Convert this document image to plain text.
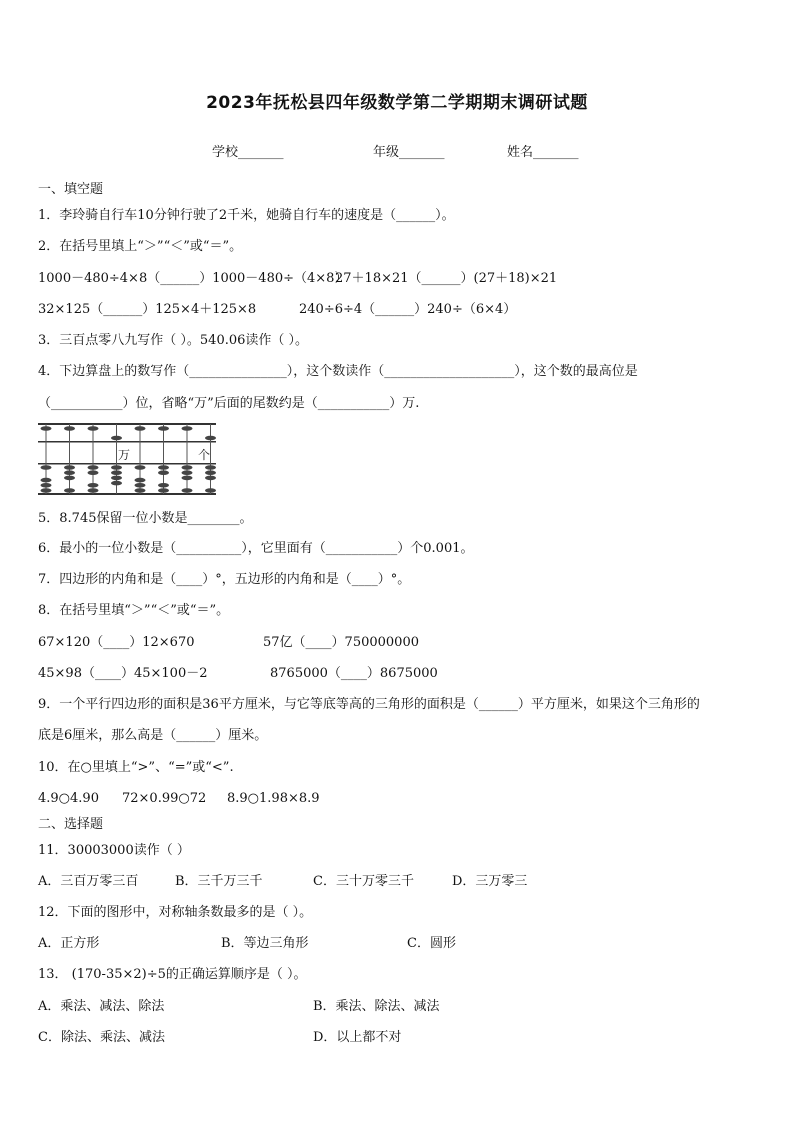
2023年抚松县四年级数学第二学期期末调研试题
学校_______	年级_______	姓名_______
一、填空题
1．李玲骑自行车10分钟行驶了2千米，她骑自行车的速度是（______）。
2．在括号里填上“＞”“＜”或“＝”。
1000－480÷4×8（______）1000－480÷（4×8）
27＋18×21（______）(27＋18)×21
32×125（______）125×4＋125×8	240÷6÷4（______）240÷（6×4）
3．三百点零八九写作（ ）。540.06读作（ ）。
4．下边算盘上的数写作（_______________），这个数读作（____________________），这个数的最高位是
（___________）位，省略“万”后面的尾数约是（___________）万.
万	个
5．8.745保留一位小数是________。
6．最小的一位小数是（__________），它里面有（___________）个0.001。
7．四边形的内角和是（____）°，五边形的内角和是（____）°。
8．在括号里填“＞”“＜”或“＝”。
67×120（____）12×670	57亿（____）750000000
45×98（____）45×100－2	8765000（____）8675000
9．一个平行四边形的面积是36平方厘米，与它等底等高的三角形的面积是（______）平方厘米，如果这个三角形的
底是6厘米，那么高是（______）厘米。
10．在○里填上“>”、“=”或“<”.
4.9○4.90 72×0.99○72 8.9○1.98×8.9
二、选择题
11．30003000读作（ ）
A．三百万零三百	B．三千万三千	C．三十万零三千	D．三万零三
12．下面的图形中，对称轴条数最多的是（ ）。
A．正方形	B．等边三角形	C．圆形
13． (170-35×2)÷5的正确运算顺序是（ ）。
A．乘法、减法、除法	B．乘法、除法、减法
C．除法、乘法、减法	D．以上都不对
